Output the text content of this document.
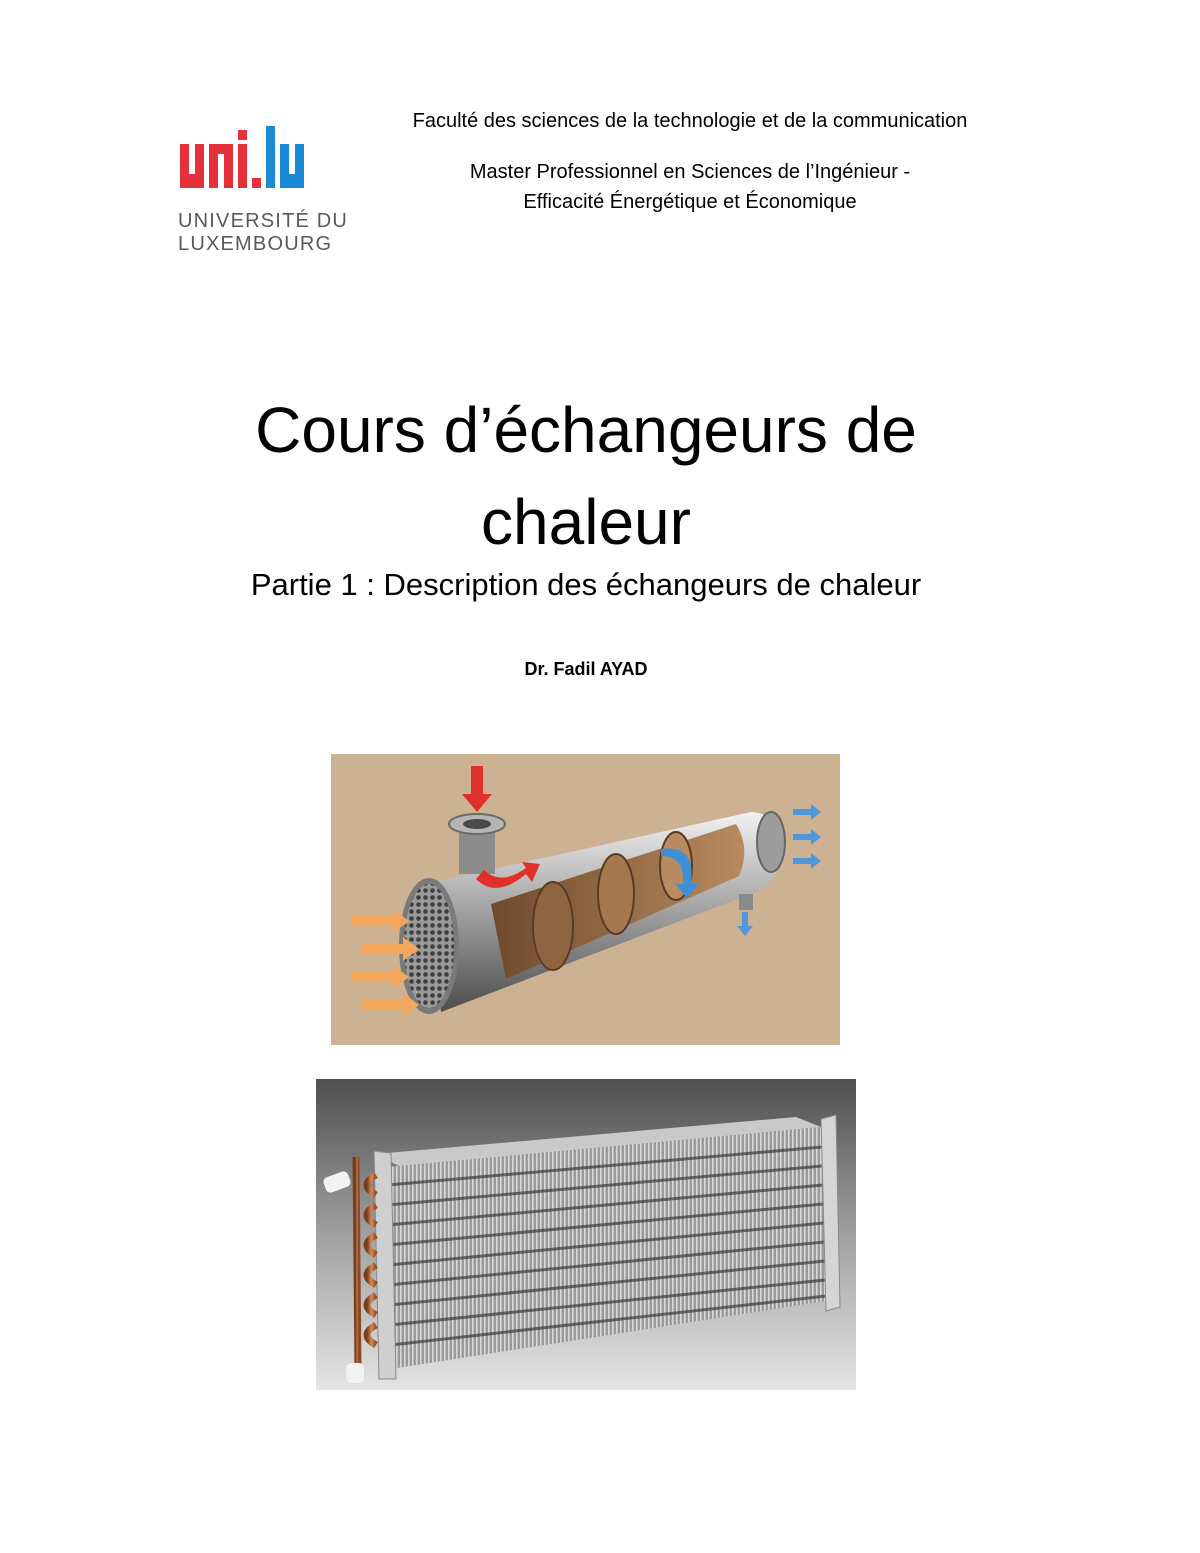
UNIVERSITÉ DU
LUXEMBOURG
Faculté des sciences de la technologie et de la communication
Master Professionnel en Sciences de l’Ingénieur -
Efficacité Énergétique et Économique
Cours d’échangeurs de
chaleur
Partie 1 : Description des échangeurs de chaleur
Dr. Fadil AYAD
